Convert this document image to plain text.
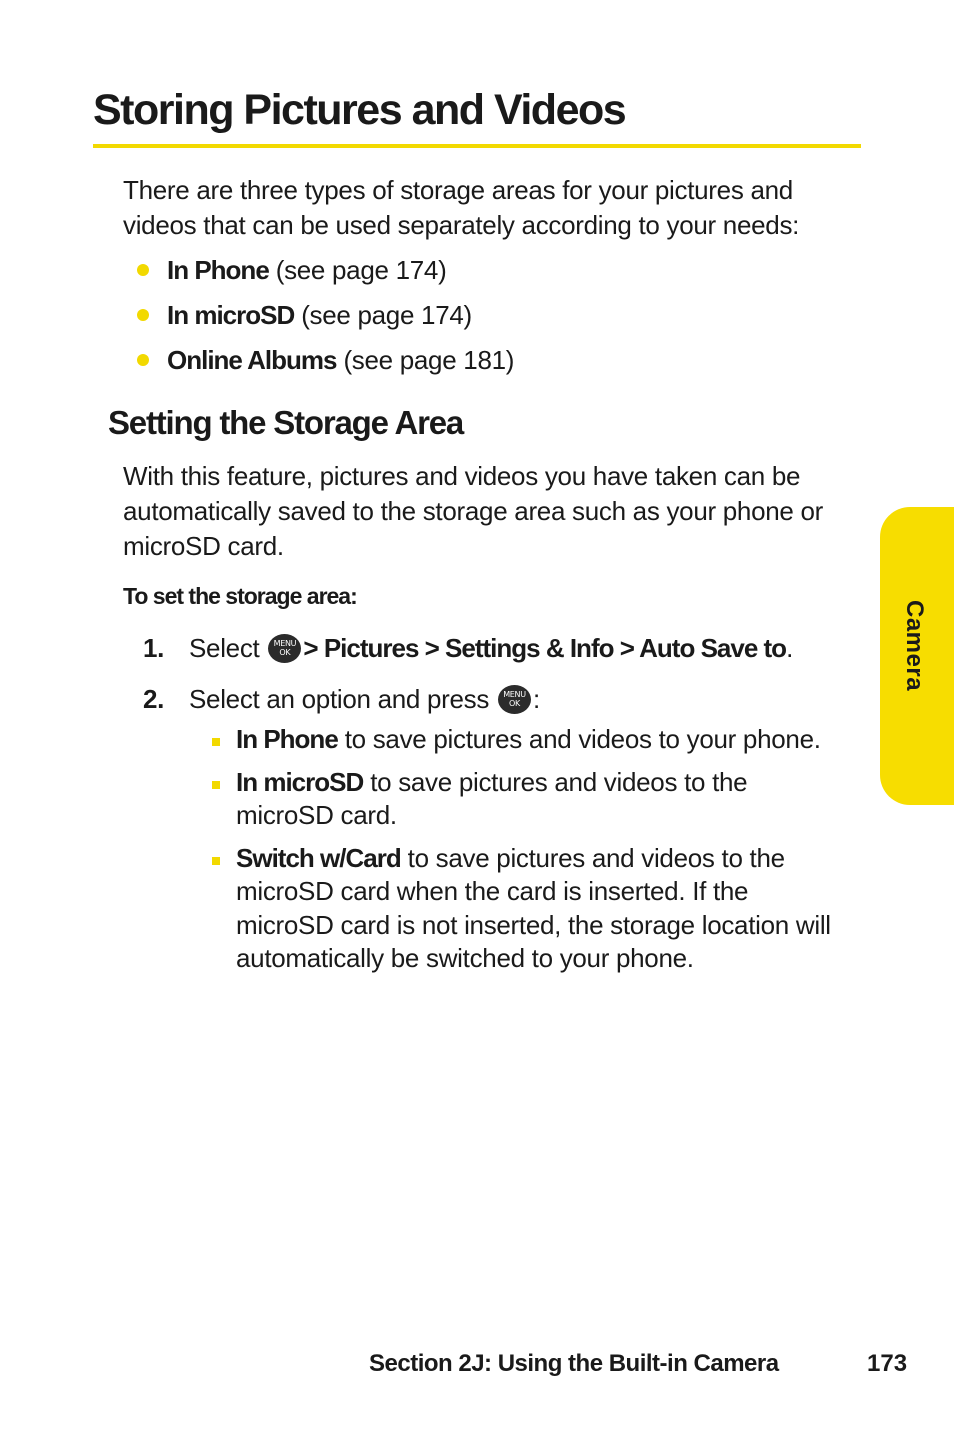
Storing Pictures and Videos

There are three types of storage areas for your pictures and videos that can be used separately according to your needs:

In Phone (see page 174)
In microSD (see page 174)
Online Albums (see page 181)
Setting the Storage Area

With this feature, pictures and videos you have taken can be automatically saved to the storage area such as your phone or microSD card.

To set the storage area:

1. Select MENU
OK > Pictures > Settings & Info > Auto Save to.
2. Select an option and press MENU
OK :
In Phone to save pictures and videos to your phone.
In microSD to save pictures and videos to the microSD card.
Switch w/Card to save pictures and videos to the microSD card when the card is inserted. If the microSD card is not inserted, the storage location will automatically be switched to your phone.
Camera

Section 2J: Using the Built-in Camera	173
